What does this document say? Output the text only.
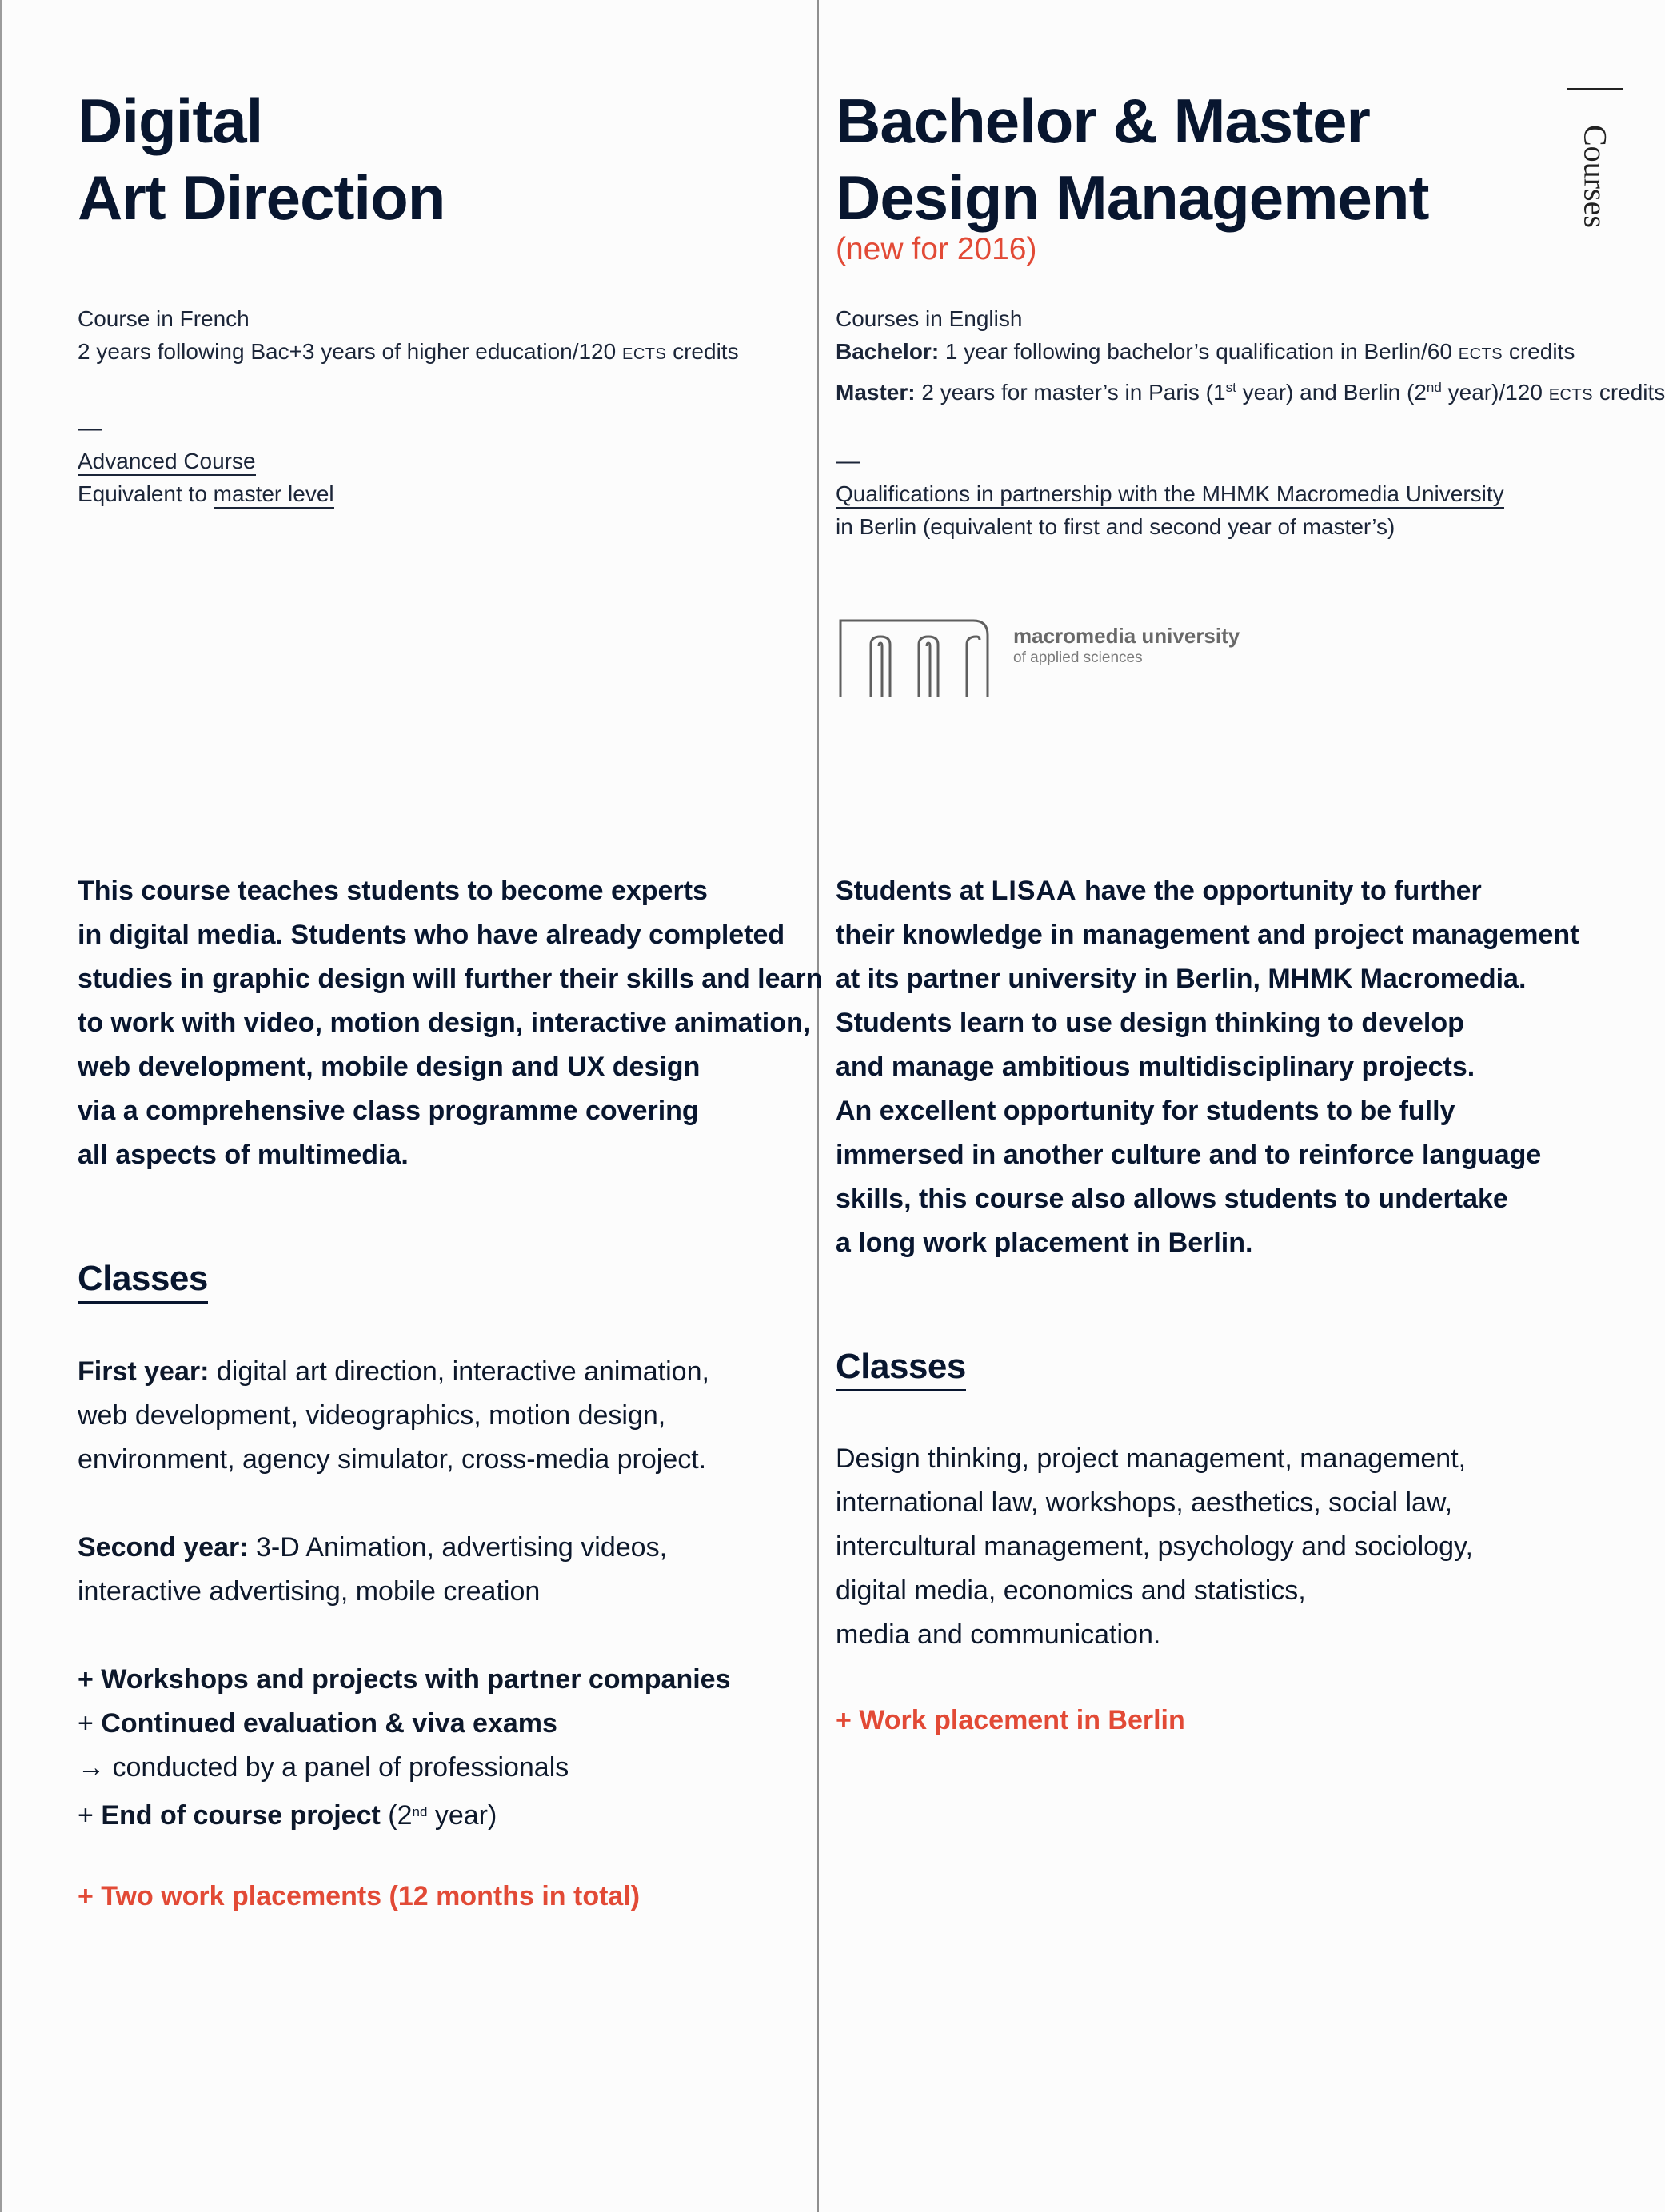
Courses
Digital
Art Direction
Course in French
2 years following Bac+3 years of higher education/120 ECTS credits
—
Advanced Course
Equivalent to master level
This course teaches students to become experts
in digital media. Students who have already completed
studies in graphic design will further their skills and learn
to work with video, motion design, interactive animation,
web development, mobile design and UX design
via a comprehensive class programme covering
all aspects of multimedia.
Classes
First year: digital art direction, interactive animation,
web development, videographics, motion design,
environment, agency simulator, cross-media project.

Second year: 3-D Animation, advertising videos,
interactive advertising, mobile creation

+ Workshops and projects with partner companies
+ Continued evaluation & viva exams
→ conducted by a panel of professionals
+ End of course project (2nd year)
+ Two work placements (12 months in total)
Bachelor & Master
Design Management
(new for 2016)
Courses in English
Bachelor: 1 year following bachelor’s qualification in Berlin/60 ECTS credits
Master: 2 years for master’s in Paris (1st year) and Berlin (2nd year)/120 ECTS credits
—
Qualifications in partnership with the MHMK Macromedia University
in Berlin (equivalent to first and second year of master’s)
macromedia university
of applied sciences
Students at LISAA have the opportunity to further
their knowledge in management and project management
at its partner university in Berlin, MHMK Macromedia.
Students learn to use design thinking to develop
and manage ambitious multidisciplinary projects.
An excellent opportunity for students to be fully
immersed in another culture and to reinforce language
skills, this course also allows students to undertake
a long work placement in Berlin.
Classes
Design thinking, project management, management,
international law, workshops, aesthetics, social law,
intercultural management, psychology and sociology,
digital media, economics and statistics,
media and communication.
+ Work placement in Berlin
